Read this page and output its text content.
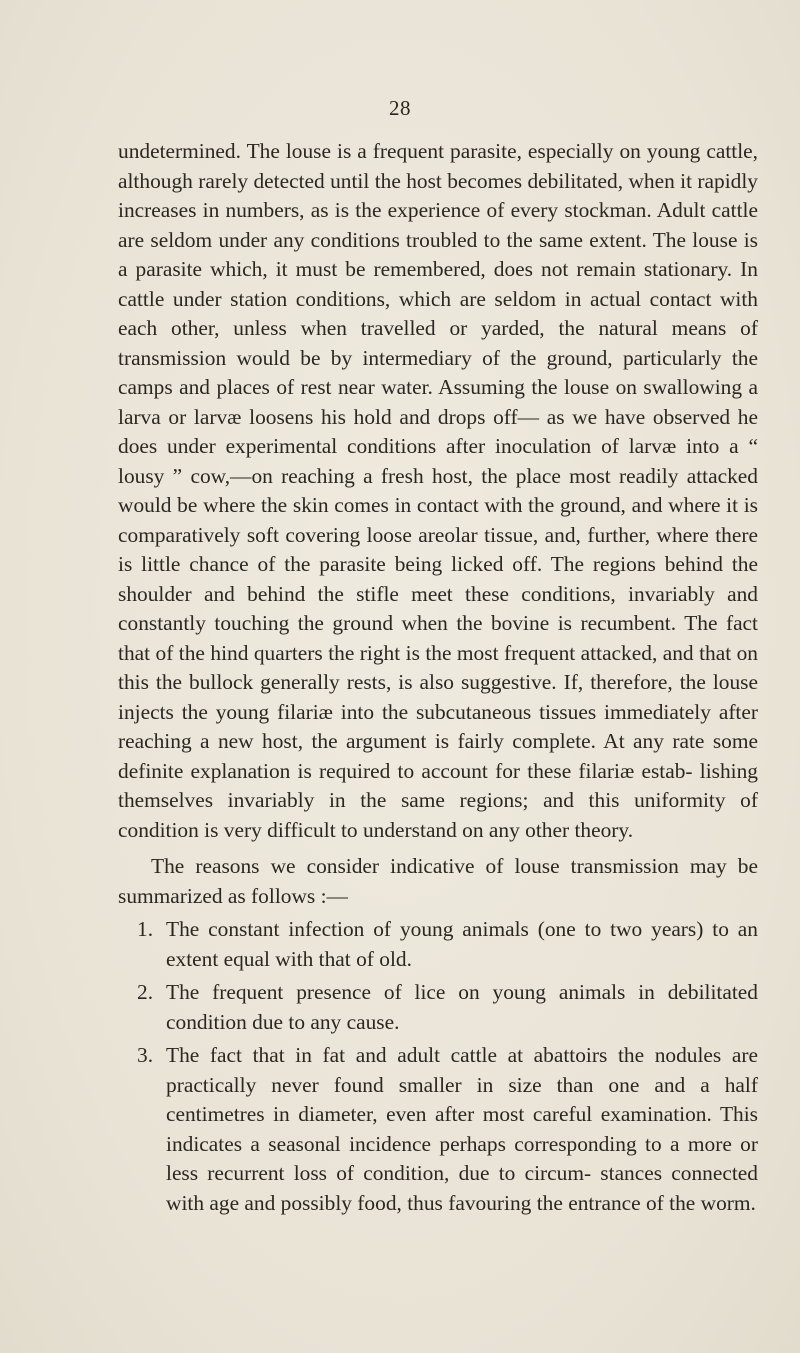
28

undetermined. The louse is a frequent parasite, especially on young cattle, although rarely detected until the host becomes debilitated, when it rapidly increases in numbers, as is the experience of every stockman. Adult cattle are seldom under any conditions troubled to the same extent. The louse is a parasite which, it must be remembered, does not remain stationary. In cattle under station conditions, which are seldom in actual contact with each other, unless when travelled or yarded, the natural means of transmission would be by intermediary of the ground, particularly the camps and places of rest near water. Assuming the louse on swallowing a larva or larvæ loosens his hold and drops off— as we have observed he does under experimental conditions after inoculation of larvæ into a “ lousy ” cow,—on reaching a fresh host, the place most readily attacked would be where the skin comes in contact with the ground, and where it is comparatively soft covering loose areolar tissue, and, further, where there is little chance of the parasite being licked off. The regions behind the shoulder and behind the stifle meet these conditions, invariably and constantly touching the ground when the bovine is recumbent. The fact that of the hind quarters the right is the most frequent attacked, and that on this the bullock generally rests, is also suggestive. If, therefore, the louse injects the young filariæ into the subcutaneous tissues immediately after reaching a new host, the argument is fairly complete. At any rate some definite explanation is required to account for these filariæ estab- lishing themselves invariably in the same regions; and this uniformity of condition is very difficult to understand on any other theory.

The reasons we consider indicative of louse transmission may be summarized as follows :—

1. The constant infection of young animals (one to two years) to an extent equal with that of old.
2. The frequent presence of lice on young animals in debilitated condition due to any cause.
3. The fact that in fat and adult cattle at abattoirs the nodules are practically never found smaller in size than one and a half centimetres in diameter, even after most careful examination. This indicates a seasonal incidence perhaps corresponding to a more or less recurrent loss of condition, due to circum- stances connected with age and possibly food, thus favouring the entrance of the worm.
